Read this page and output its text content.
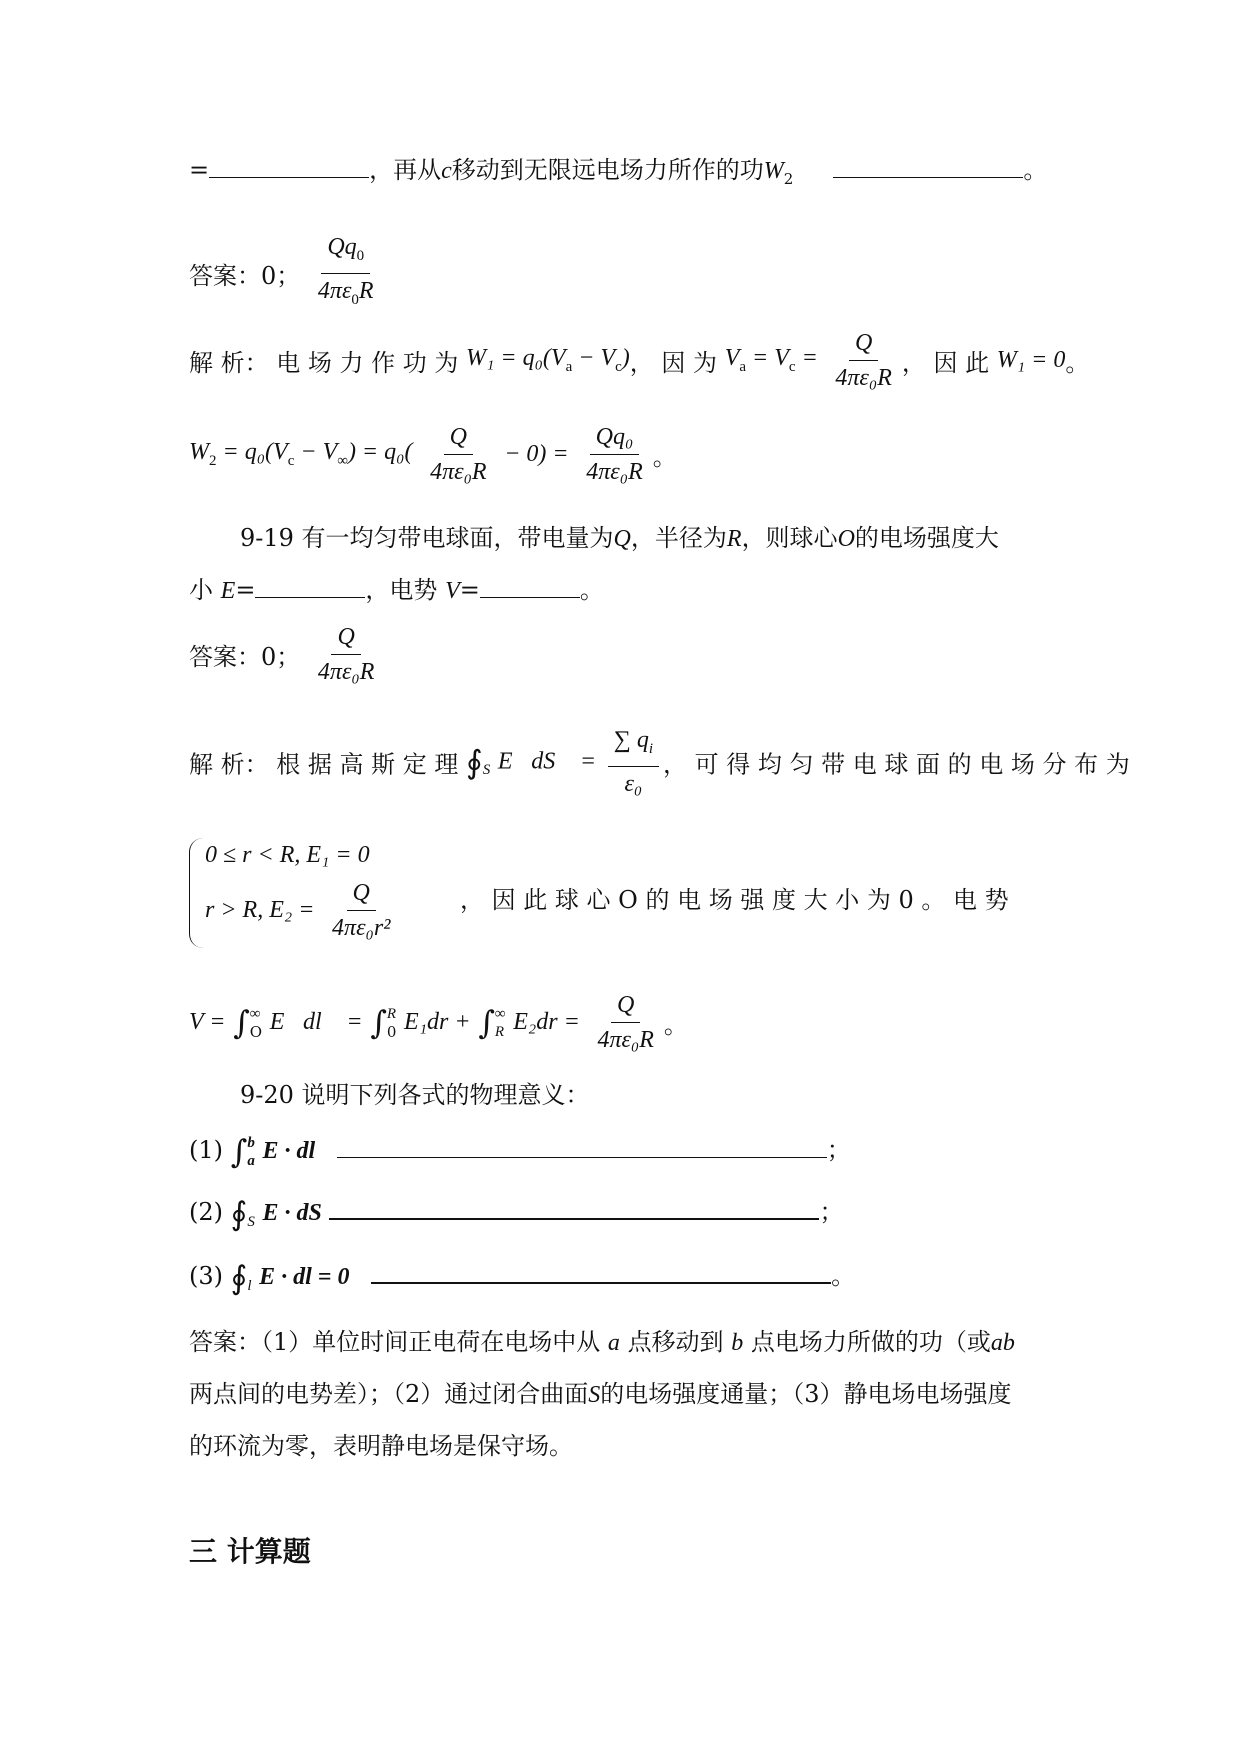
=	，再从c移动到无限远电场力所作的功$W_2$	。
答案：0； $\frac{Qq_0}{4\pi\varepsilon_0R}$
解 析： 电 场 力 作 功 为 $W_1 = q_0(V_a - V_c)$， 因 为 $V_a = V_c = \frac{Q}{\text{4πε₀R}}$ ， 因 此 W₁ = 0。
$W_2 = q_0(V_c - V_\infty) = q_0( \frac{Q}{\text{4πε₀R}} - 0) = \frac{\text{Qq₀}}{\text{4πε₀R}}$ 。
9-19 有一均匀带电球面，带电量为Q，半径为R，则球心O的电场强度大
小 E=	，电势 V=	。
答案：0； $\frac{Q}{\text{4πε₀R}}$
解 析： 根 据 高 斯 定 理 $∮_S$ E⃗dS⃗ = $\frac{\sum q_i}{\text{ε₀}}$ ， 可 得 均 匀 带 电 球 面 的 电 场 分 布 为
0 ≤ r < R, E₁ = 0
r > R, $E_2 = \frac{Q}{\text{4πε₀r²}}$	， 因 此 球 心 O 的 电 场 强 度 大 小 为 0 。 电 势
V = ∫ ∞
O E⃗dl⃗ = ∫ R
0 E₁dr + ∫ ∞
R $E_2dr = \frac{Q}{\text{4πε₀R}}$ 。
9-20 说明下列各式的物理意义：
(1) ∫ b
a E · dl	；
(2) $∮_S$ E · dS	；
(3) $∮_l$ E · dl = 0	。
答案：（1）单位时间正电荷在电场中从 a 点移动到 b 点电场力所做的功（或ab
两点间的电势差）；（2）通过闭合曲面S的电场强度通量；（3）静电场电场强度
的环流为零，表明静电场是保守场。
三 计算题
